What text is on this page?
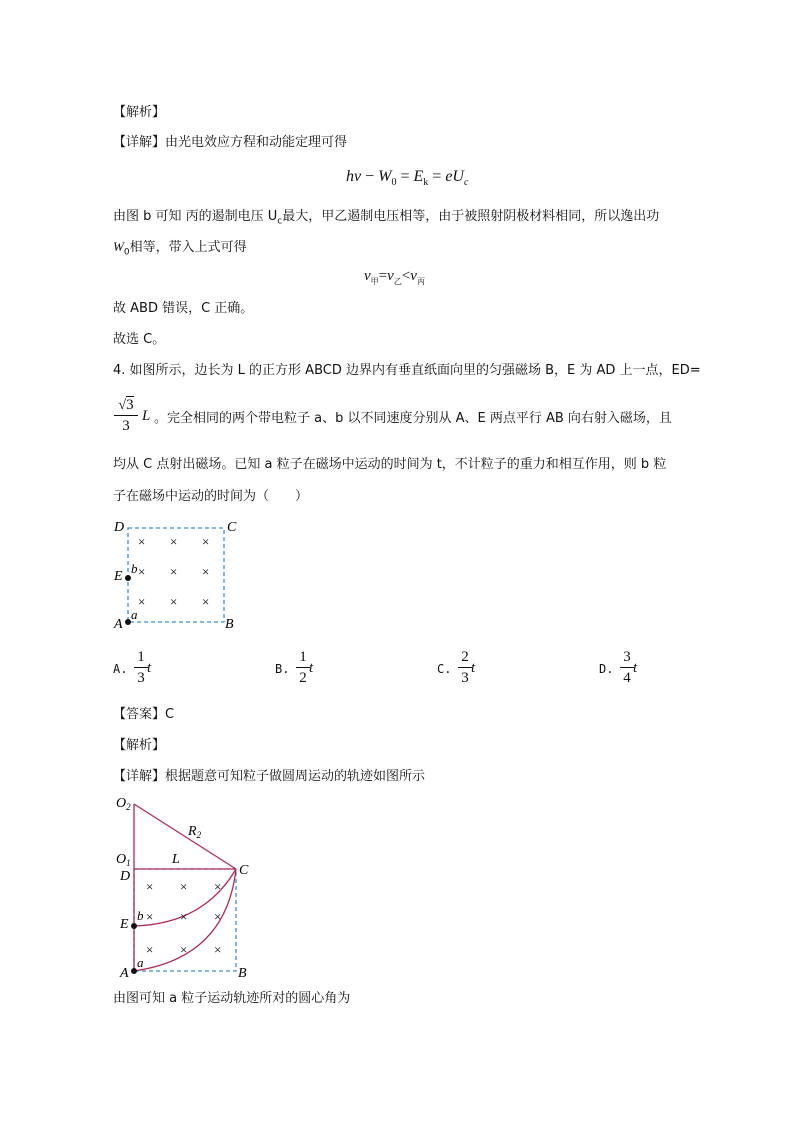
【解析】
【详解】由光电效应方程和动能定理可得
$h\nu - W_0 = E_k = eU_c$
由图 b 可知 丙的遏制电压 $U_c$最大，甲乙遏制电压相等，由于被照射阴极材料相同，所以逸出功
$W_0$相等，带入上式可得
$\nu_甲=\nu_乙<\nu_丙$
故 ABD 错误，C 正确。
故选 C。
4. 如图所示，边长为 L 的正方形 ABCD 边界内有垂直纸面向里的匀强磁场 B，E 为 AD 上一点，ED=
√3
3
L 。完全相同的两个带电粒子 a、b 以不同速度分别从 A、E 两点平行 AB 向右射入磁场，且
均从 C 点射出磁场。已知 a 粒子在磁场中运动的时间为 t，不计粒子的重力和相互作用，则 b 粒
子在磁场中运动的时间为（　　）
D	C
E
A	B
b
a
× × ×
× × ×
× × ×
A.
1
3
t	B.
1
2
t	C.
2
3
t	D.
3
4
t
【答案】C
【解析】
【详解】根据题意可知粒子做圆周运动的轨迹如图所示
$O_2$
$R_2$
$O_1$	L
D	C
E
A	B
b
a
× × ×
× × ×
× × ×
由图可知 a 粒子运动轨迹所对的圆心角为
